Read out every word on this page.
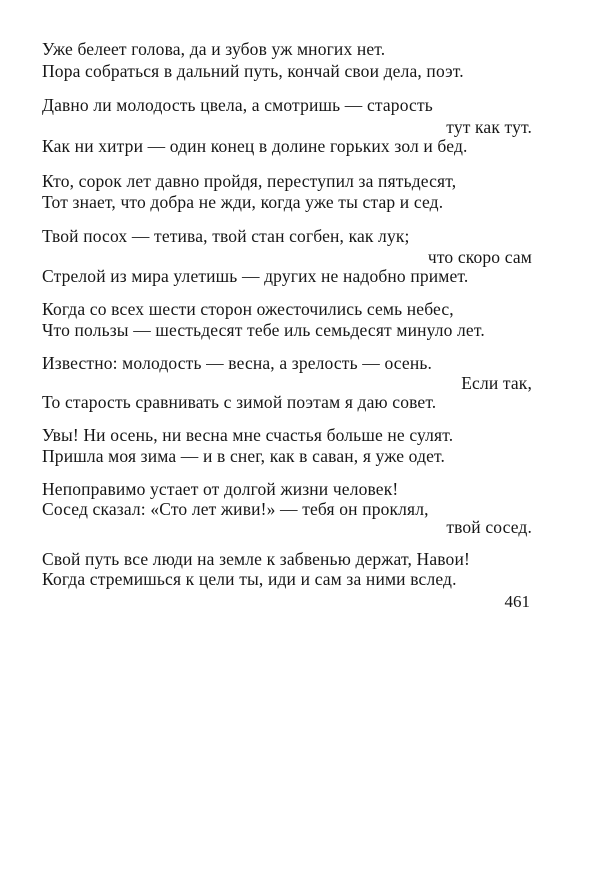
Уже белеет голова, да и зубов уж многих нет.
Пора собраться в дальний путь, кончай свои дела, поэт.
Давно ли молодость цвела, а смотришь — старость
тут как тут.
Как ни хитри — один конец в долине горьких зол и бед.
Кто, сорок лет давно пройдя, переступил за пятьдесят,
Тот знает, что добра не жди, когда уже ты стар и сед.
Твой посох — тетива, твой стан согбен, как лук;
что скоро сам
Стрелой из мира улетишь — других не надобно примет.
Когда со всех шести сторон ожесточились семь небес,
Что пользы — шестьдесят тебе иль семьдесят минуло лет.
Известно: молодость — весна, а зрелость — осень.
Если так,
То старость сравнивать с зимой поэтам я даю совет.
Увы! Ни осень, ни весна мне счастья больше не сулят.
Пришла моя зима — и в снег, как в саван, я уже одет.
Непоправимо устает от долгой жизни человек!
Сосед сказал: «Сто лет живи!» — тебя он проклял,
твой сосед.
Свой путь все люди на земле к забвенью держат, Навои!
Когда стремишься к цели ты, иди и сам за ними вслед.
461
